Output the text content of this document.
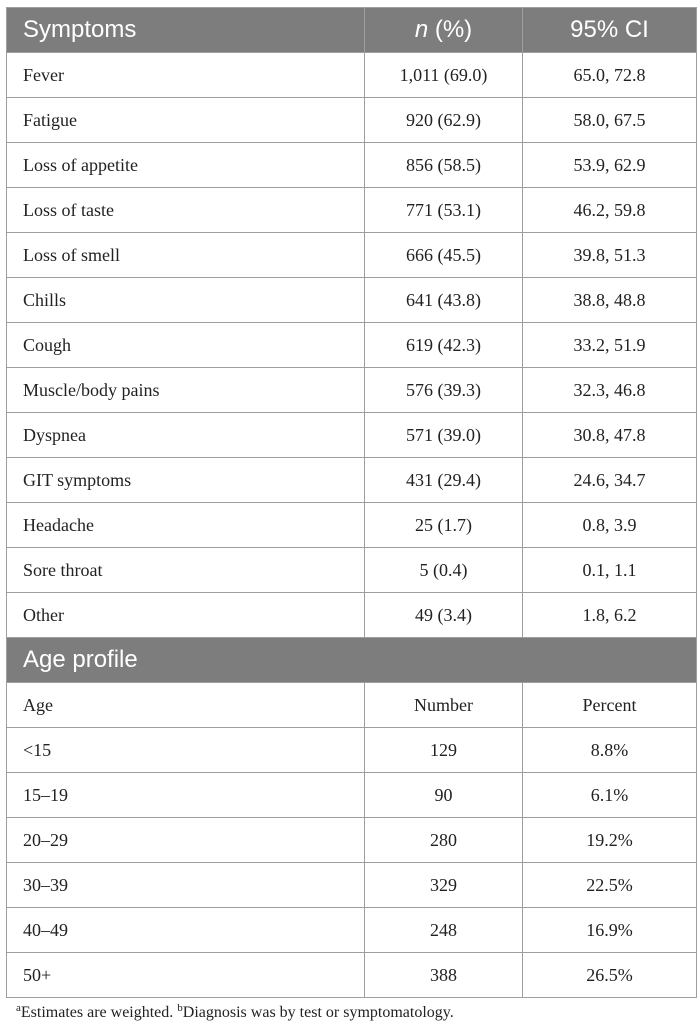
Symptoms	n (%)	95% CI
Fever	1,011 (69.0)	65.0, 72.8
Fatigue	920 (62.9)	58.0, 67.5
Loss of appetite	856 (58.5)	53.9, 62.9
Loss of taste	771 (53.1)	46.2, 59.8
Loss of smell	666 (45.5)	39.8, 51.3
Chills	641 (43.8)	38.8, 48.8
Cough	619 (42.3)	33.2, 51.9
Muscle/body pains	576 (39.3)	32.3, 46.8
Dyspnea	571 (39.0)	30.8, 47.8
GIT symptoms	431 (29.4)	24.6, 34.7
Headache	25 (1.7)	0.8, 3.9
Sore throat	5 (0.4)	0.1, 1.1
Other	49 (3.4)	1.8, 6.2
Age profile		
Age	Number	Percent
<15	129	8.8%
15–19	90	6.1%
20–29	280	19.2%
30–39	329	22.5%
40–49	248	16.9%
50+	388	26.5%

$^a$Estimates are weighted. $^b$Diagnosis was by test or symptomatology.
